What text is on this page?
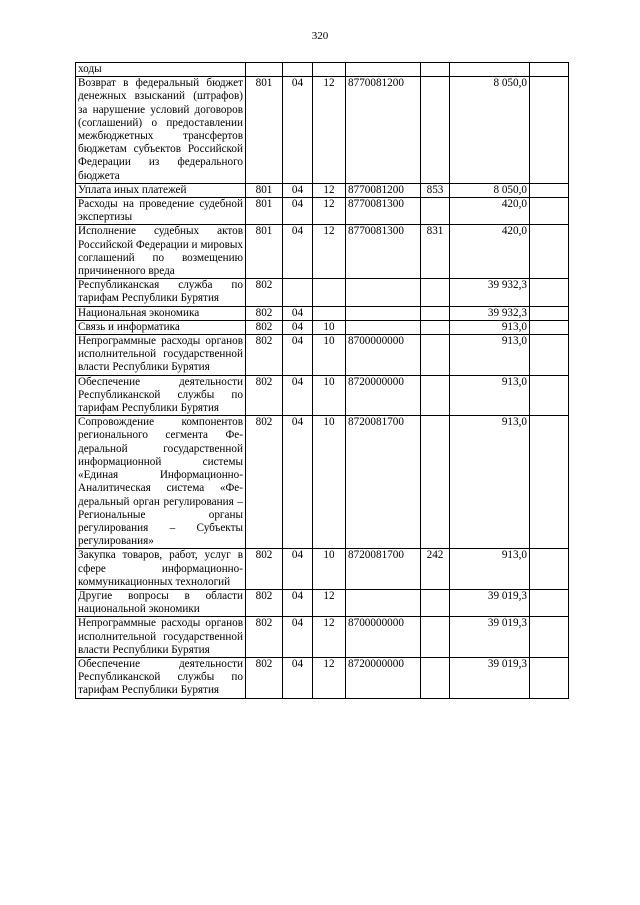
320
ходы							
Возврат в федеральный бюджет денежных взысканий (штрафов) за нарушение условий договоров (соглашений) о предоставлении межбюджетных трансфертов бюджетам субъектов Российской Федерации из федерального бюджета	801	04	12	8770081200		8 050,0	
Уплата иных платежей	801	04	12	8770081200	853	8 050,0	
Расходы на проведение судебной экспертизы	801	04	12	8770081300		420,0	
Исполнение судебных актов Российской Федерации и мировых соглашений по возмещению причиненного вреда	801	04	12	8770081300	831	420,0	
Республиканская служба по тарифам Республики Бурятия	802					39 932,3	
Национальная экономика	802	04				39 932,3	
Связь и информатика	802	04	10			913,0	
Непрограммные расходы органов исполнительной государственной власти Республики Бурятия	802	04	10	8700000000		913,0	
Обеспечение деятельности Республиканской службы по тарифам Республики Бурятия	802	04	10	8720000000		913,0	
Сопровождение компонентов регионального сегмента Федеральной государственной информационной системы «Единая Информационно-Аналитическая система «Федеральный орган регулирования – Региональные органы регулирования – Субъекты регулирования»	802	04	10	8720081700		913,0	
Закупка товаров, работ, услуг в сфере информационно-коммуникационных технологий	802	04	10	8720081700	242	913,0	
Другие вопросы в области национальной экономики	802	04	12			39 019,3	
Непрограммные расходы органов исполнительной государственной власти Республики Бурятия	802	04	12	8700000000		39 019,3	
Обеспечение деятельности Республиканской службы по тарифам Республики Бурятия	802	04	12	8720000000		39 019,3	
